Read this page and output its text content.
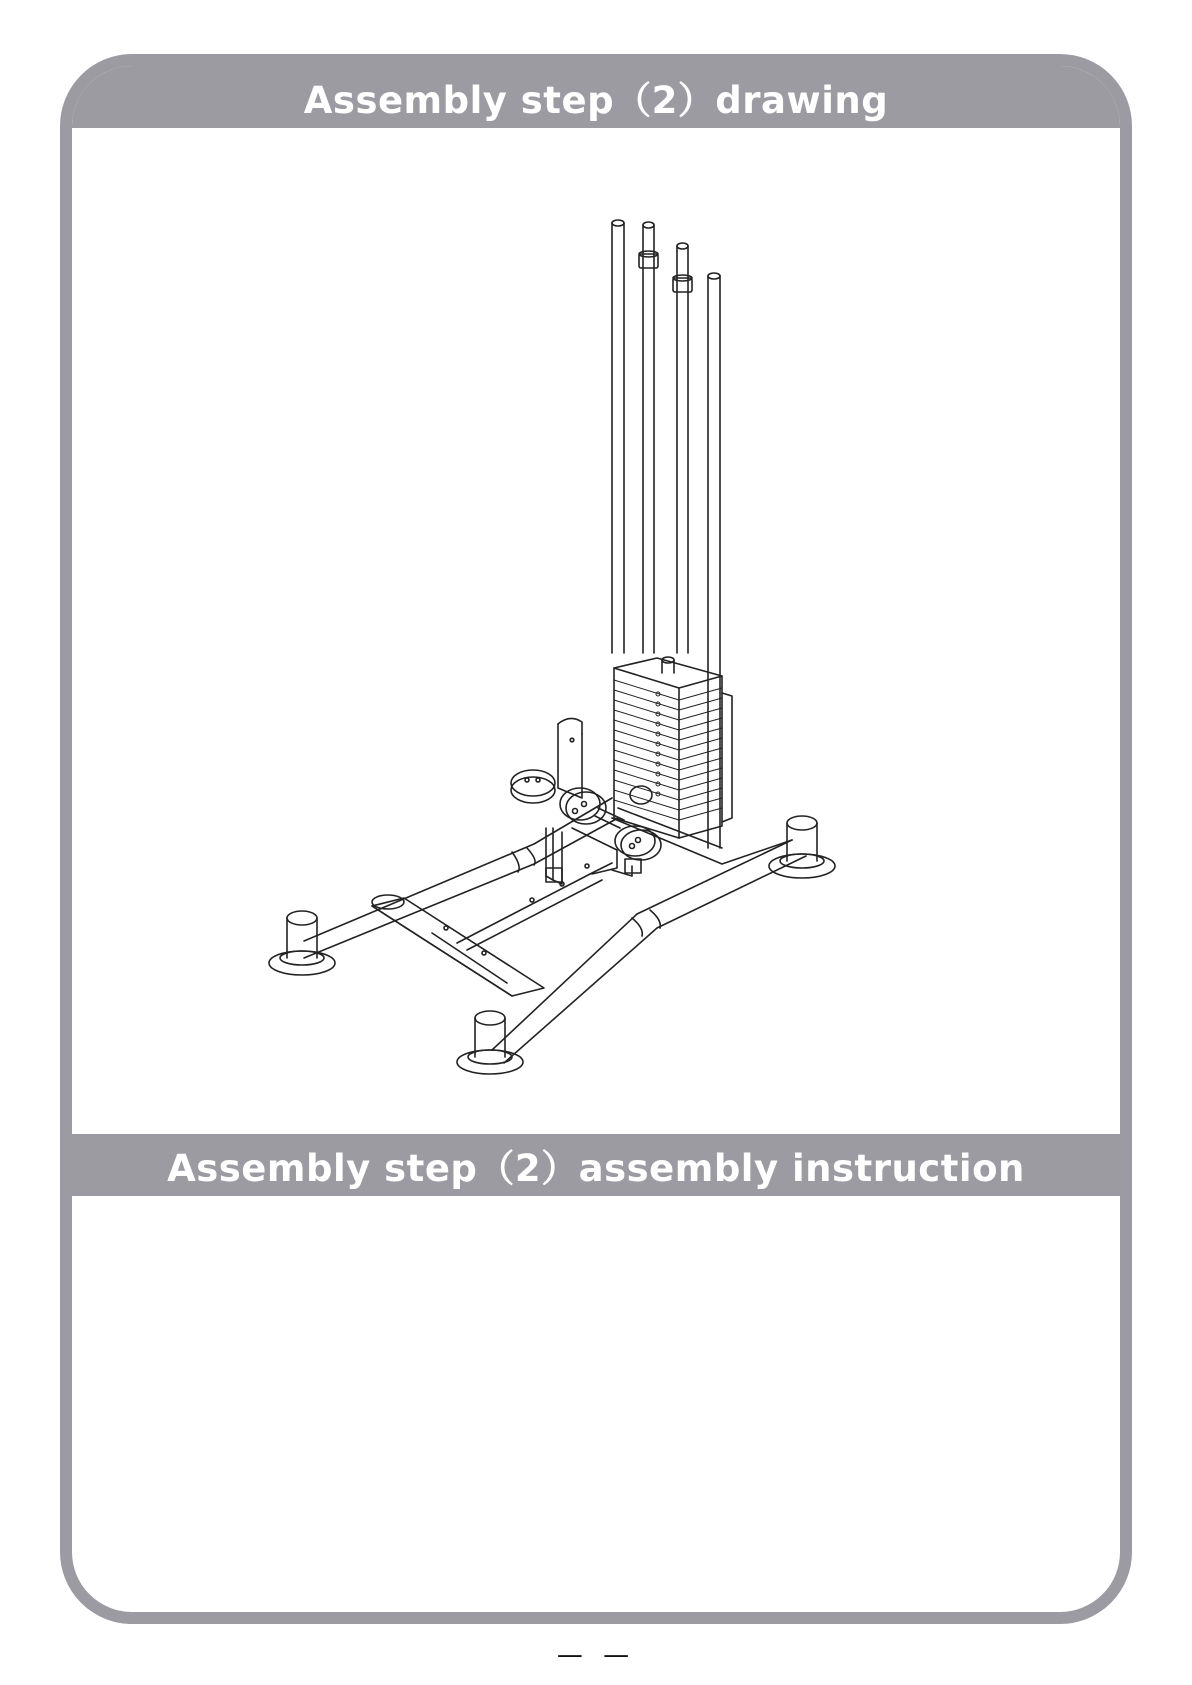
Assembly step（2）drawing
Assembly step（2）assembly instruction
— —
